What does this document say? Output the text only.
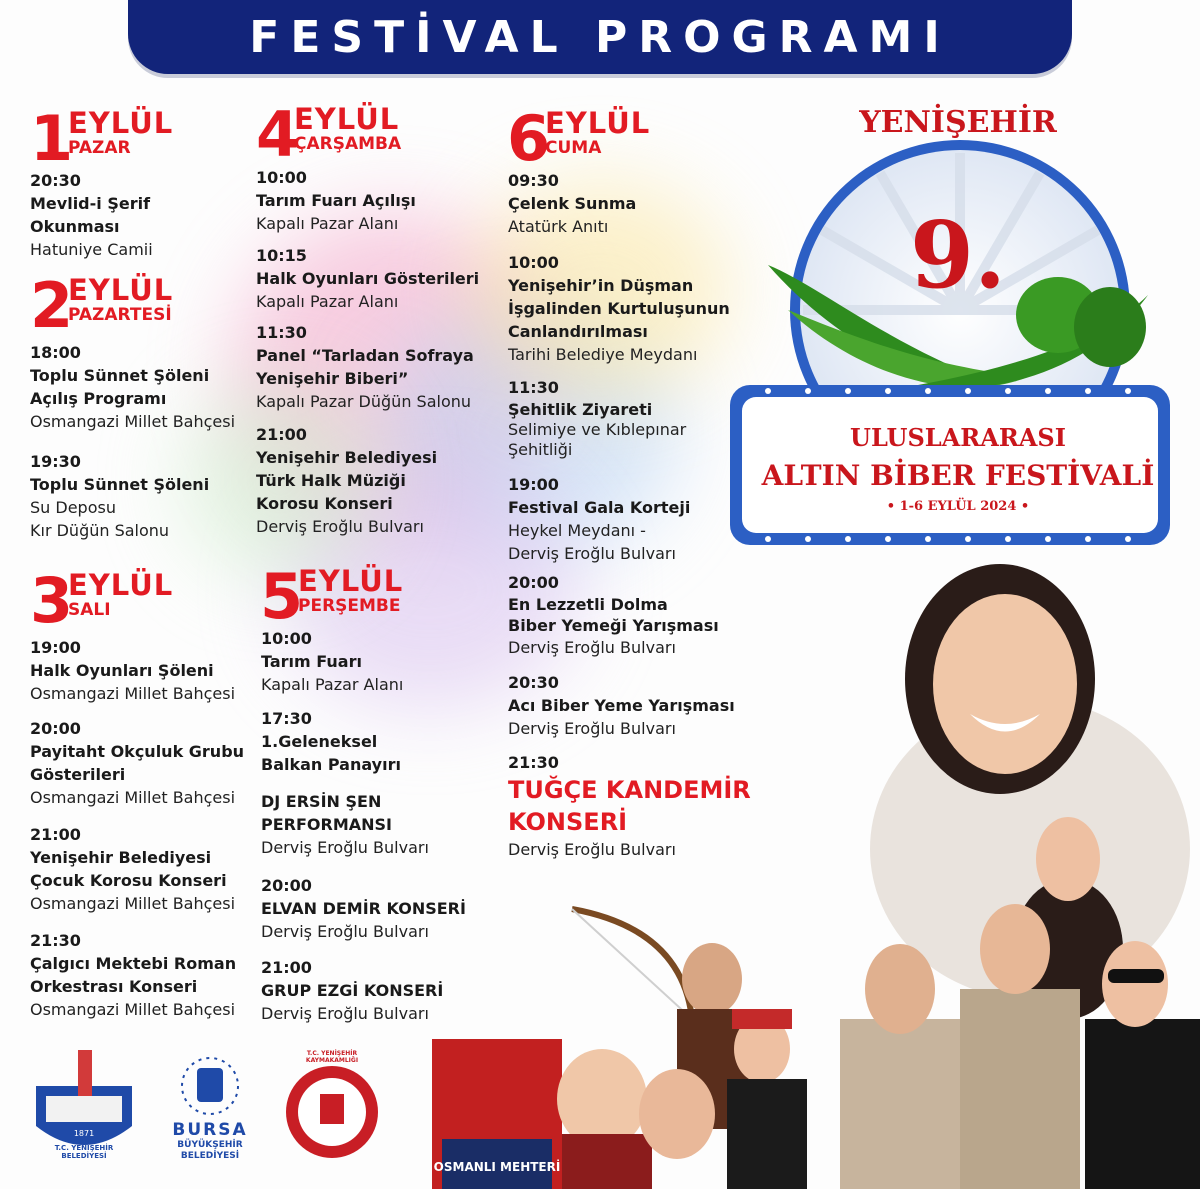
FESTİVAL PROGRAMI
1
EYLÜL
PAZAR
20:30
Mevlid-i Şerif Okunması
Hatuniye Camii
2
EYLÜL
PAZARTESİ
18:00
Toplu Sünnet Şöleni
Açılış Programı
Osmangazi Millet Bahçesi
19:30
Toplu Sünnet Şöleni
Su Deposu
Kır Düğün Salonu
3
EYLÜL
SALI
19:00
Halk Oyunları Şöleni
Osmangazi Millet Bahçesi
20:00
Payitaht Okçuluk Grubu
Gösterileri
Osmangazi Millet Bahçesi
21:00
Yenişehir Belediyesi
Çocuk Korosu Konseri
Osmangazi Millet Bahçesi
21:30
Çalgıcı Mektebi Roman
Orkestrası Konseri
Osmangazi Millet Bahçesi
4
EYLÜL
ÇARŞAMBA
10:00
Tarım Fuarı Açılışı
Kapalı Pazar Alanı
10:15
Halk Oyunları Gösterileri
Kapalı Pazar Alanı
11:30
Panel “Tarladan Sofraya
Yenişehir Biberi”
Kapalı Pazar Düğün Salonu
21:00
Yenişehir Belediyesi
Türk Halk Müziği
Korosu Konseri
Derviş Eroğlu Bulvarı
5
EYLÜL
PERŞEMBE
10:00
Tarım Fuarı
Kapalı Pazar Alanı
17:30
1.Geleneksel
Balkan Panayırı
DJ ERSİN ŞEN
PERFORMANSI
Derviş Eroğlu Bulvarı
20:00
ELVAN DEMİR KONSERİ
Derviş Eroğlu Bulvarı
21:00
GRUP EZGİ KONSERİ
Derviş Eroğlu Bulvarı
6
EYLÜL
CUMA
09:30
Çelenk Sunma
Atatürk Anıtı
10:00
Yenişehir’in Düşman
İşgalinden Kurtuluşunun
Canlandırılması
Tarihi Belediye Meydanı
11:30
Şehitlik Ziyareti
Selimiye ve Kıblepınar
Şehitliği
19:00
Festival Gala Korteji
Heykel Meydanı -
Derviş Eroğlu Bulvarı
20:00
En Lezzetli Dolma
Biber Yemeği Yarışması
Derviş Eroğlu Bulvarı
20:30
Acı Biber Yeme Yarışması
Derviş Eroğlu Bulvarı
21:30
TUĞÇE KANDEMİR
KONSERİ
Derviş Eroğlu Bulvarı
YENİŞEHİR
9.
ULUSLARARASI
ALTIN BİBER FESTİVALİ
• 1-6 EYLÜL 2024 •
OSMANLI MEHTERİ
1871
T.C. YENİŞEHİR BELEDİYESİ
BURSA
BÜYÜKŞEHİR
BELEDİYESİ
T.C. YENİŞEHİR KAYMAKAMLIĞI
BURSA
